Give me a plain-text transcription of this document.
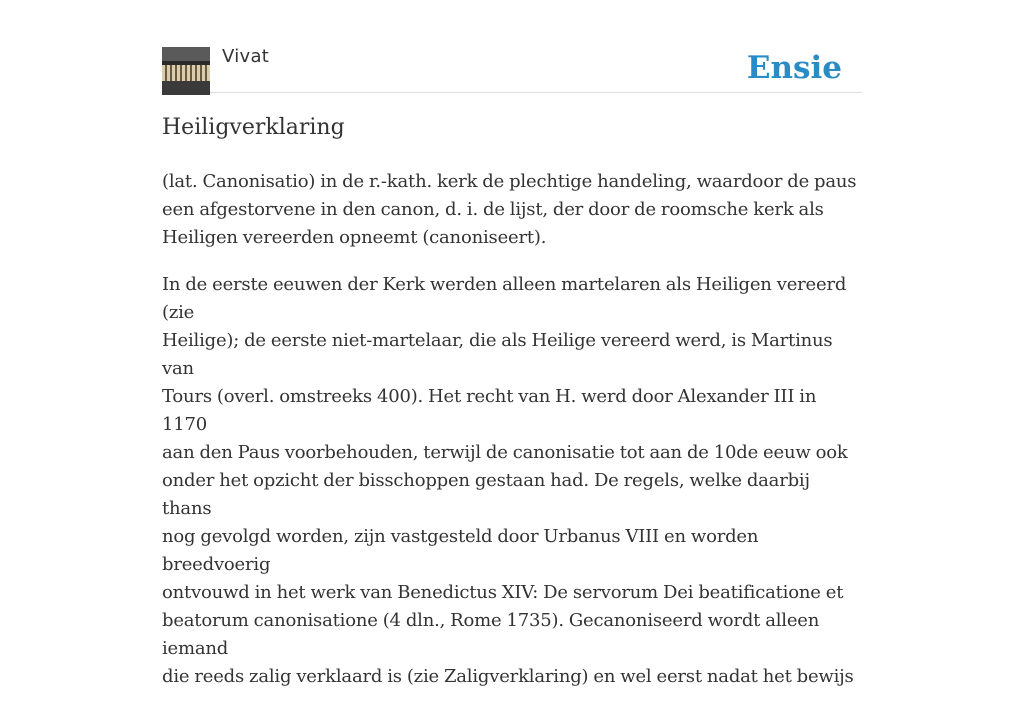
Vivat	Ensie
Heiligverklaring

(lat. Canonisatio) in de r.-kath. kerk de plechtige handeling, waardoor de paus
een afgestorvene in den canon, d. i. de lijst, der door de roomsche kerk als
Heiligen vereerden opneemt (canoniseert).

In de eerste eeuwen der Kerk werden alleen martelaren als Heiligen vereerd (zie
Heilige); de eerste niet-martelaar, die als Heilige vereerd werd, is Martinus van
Tours (overl. omstreeks 400). Het recht van H. werd door Alexander III in 1170
aan den Paus voorbehouden, terwijl de canonisatie tot aan de 10de eeuw ook
onder het opzicht der bisschoppen gestaan had. De regels, welke daarbij thans
nog gevolgd worden, zijn vastgesteld door Urbanus VIII en worden breedvoerig
ontvouwd in het werk van Benedictus XIV: De servorum Dei beatificatione et
beatorum canonisatione (4 dln., Rome 1735). Gecanoniseerd wordt alleen iemand
die reeds zalig verklaard is (zie Zaligverklaring) en wel eerst nadat het bewijs
